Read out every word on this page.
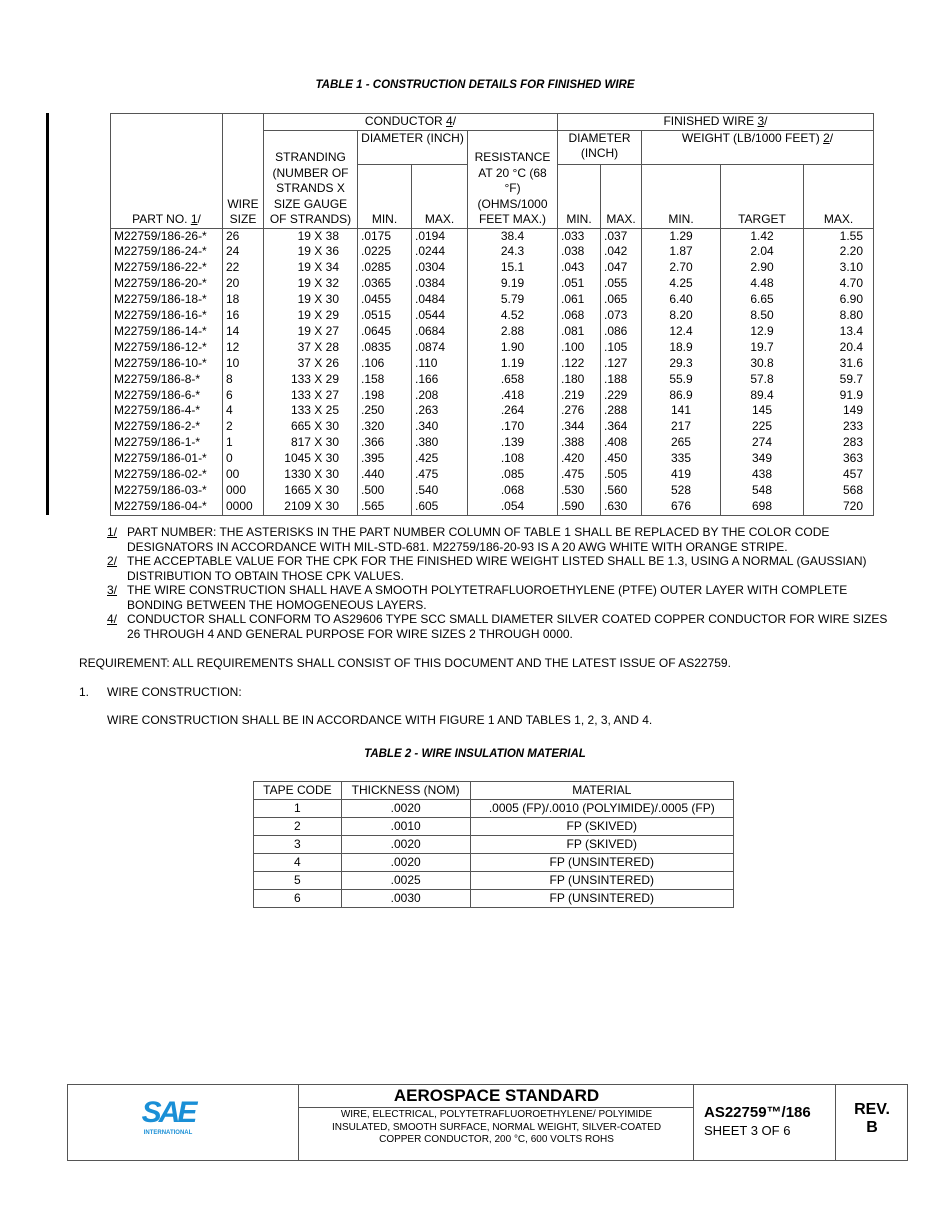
TABLE 1 - CONSTRUCTION DETAILS FOR FINISHED WIRE
PART NO. 1/	WIRE SIZE	CONDUCTOR 4/				FINISHED WIRE 3/				
		STRANDING (NUMBER OF STRANDS X SIZE GAUGE OF STRANDS)	DIAMETER (INCH)		RESISTANCE AT 20 °C (68 °F) (OHMS/1000 FEET MAX.)	DIAMETER (INCH)		WEIGHT (LB/1000 FEET) 2/		
			MIN.	MAX.		MIN.	MAX.	MIN.	TARGET	MAX.
M22759/186-26-*	26	19 X 38	.0175	.0194	38.4	.033	.037	1.29	1.42	1.55
M22759/186-24-*	24	19 X 36	.0225	.0244	24.3	.038	.042	1.87	2.04	2.20
M22759/186-22-*	22	19 X 34	.0285	.0304	15.1	.043	.047	2.70	2.90	3.10
M22759/186-20-*	20	19 X 32	.0365	.0384	9.19	.051	.055	4.25	4.48	4.70
M22759/186-18-*	18	19 X 30	.0455	.0484	5.79	.061	.065	6.40	6.65	6.90
M22759/186-16-*	16	19 X 29	.0515	.0544	4.52	.068	.073	8.20	8.50	8.80
M22759/186-14-*	14	19 X 27	.0645	.0684	2.88	.081	.086	12.4	12.9	13.4
M22759/186-12-*	12	37 X 28	.0835	.0874	1.90	.100	.105	18.9	19.7	20.4
M22759/186-10-*	10	37 X 26	.106	.110	1.19	.122	.127	29.3	30.8	31.6
M22759/186-8-*	8	133 X 29	.158	.166	.658	.180	.188	55.9	57.8	59.7
M22759/186-6-*	6	133 X 27	.198	.208	.418	.219	.229	86.9	89.4	91.9
M22759/186-4-*	4	133 X 25	.250	.263	.264	.276	.288	141	145	149
M22759/186-2-*	2	665 X 30	.320	.340	.170	.344	.364	217	225	233
M22759/186-1-*	1	817 X 30	.366	.380	.139	.388	.408	265	274	283
M22759/186-01-*	0	1045 X 30	.395	.425	.108	.420	.450	335	349	363
M22759/186-02-*	00	1330 X 30	.440	.475	.085	.475	.505	419	438	457
M22759/186-03-*	000	1665 X 30	.500	.540	.068	.530	.560	528	548	568
M22759/186-04-*	0000	2109 X 30	.565	.605	.054	.590	.630	676	698	720
1/ PART NUMBER: THE ASTERISKS IN THE PART NUMBER COLUMN OF TABLE 1 SHALL BE REPLACED BY THE COLOR CODE DESIGNATORS IN ACCORDANCE WITH MIL-STD-681. M22759/186-20-93 IS A 20 AWG WHITE WITH ORANGE STRIPE.
2/ THE ACCEPTABLE VALUE FOR THE CPK FOR THE FINISHED WIRE WEIGHT LISTED SHALL BE 1.3, USING A NORMAL (GAUSSIAN) DISTRIBUTION TO OBTAIN THOSE CPK VALUES.
3/ THE WIRE CONSTRUCTION SHALL HAVE A SMOOTH POLYTETRAFLUOROETHYLENE (PTFE) OUTER LAYER WITH COMPLETE BONDING BETWEEN THE HOMOGENEOUS LAYERS.
4/ CONDUCTOR SHALL CONFORM TO AS29606 TYPE SCC SMALL DIAMETER SILVER COATED COPPER CONDUCTOR FOR WIRE SIZES 26 THROUGH 4 AND GENERAL PURPOSE FOR WIRE SIZES 2 THROUGH 0000.
REQUIREMENT: ALL REQUIREMENTS SHALL CONSIST OF THIS DOCUMENT AND THE LATEST ISSUE OF AS22759.
1. WIRE CONSTRUCTION:
WIRE CONSTRUCTION SHALL BE IN ACCORDANCE WITH FIGURE 1 AND TABLES 1, 2, 3, AND 4.
TABLE 2 - WIRE INSULATION MATERIAL
TAPE CODE	THICKNESS (NOM)	MATERIAL
1	.0020	.0005 (FP)/.0010 (POLYIMIDE)/.0005 (FP)
2	.0010	FP (SKIVED)
3	.0020	FP (SKIVED)
4	.0020	FP (UNSINTERED)
5	.0025	FP (UNSINTERED)
6	.0030	FP (UNSINTERED)
SAE
INTERNATIONAL
AEROSPACE STANDARD
WIRE, ELECTRICAL, POLYTETRAFLUOROETHYLENE/ POLYIMIDE INSULATED, SMOOTH SURFACE, NORMAL WEIGHT, SILVER-COATED COPPER CONDUCTOR, 200 °C, 600 VOLTS ROHS
AS22759™/186
SHEET 3 OF 6
REV.
B
